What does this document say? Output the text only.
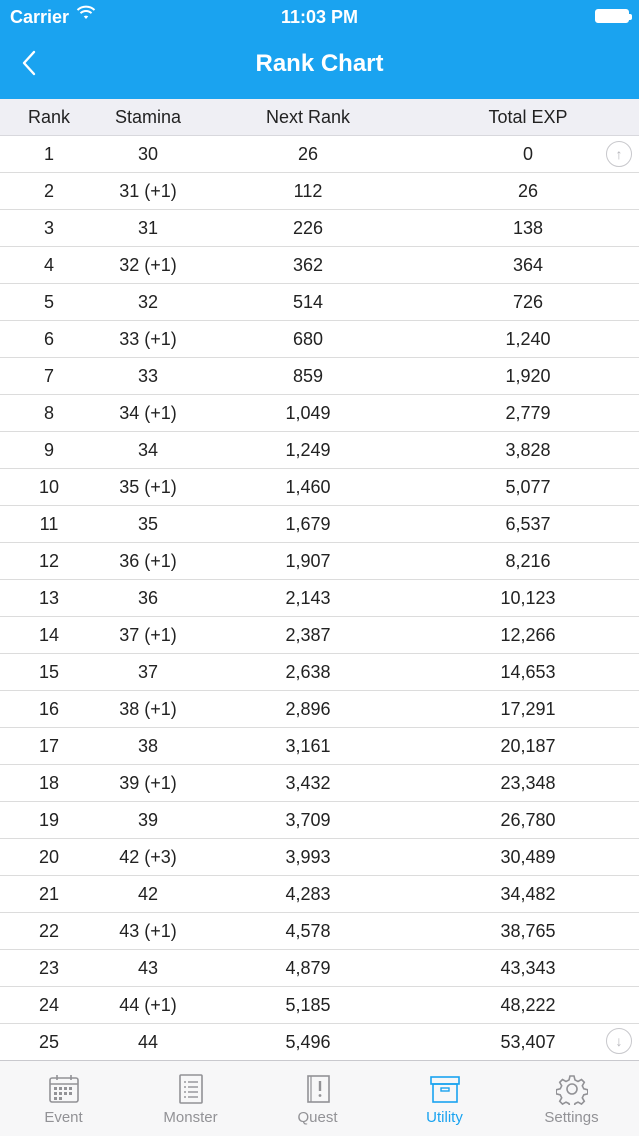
Carrier	11:03 PM
Rank Chart
Rank	Stamina	Next Rank	Total EXP
1	30	26	0
2	31 (+1)	112	26
3	31	226	138
4	32 (+1)	362	364
5	32	514	726
6	33 (+1)	680	1,240
7	33	859	1,920
8	34 (+1)	1,049	2,779
9	34	1,249	3,828
10	35 (+1)	1,460	5,077
11	35	1,679	6,537
12	36 (+1)	1,907	8,216
13	36	2,143	10,123
14	37 (+1)	2,387	12,266
15	37	2,638	14,653
16	38 (+1)	2,896	17,291
17	38	3,161	20,187
18	39 (+1)	3,432	23,348
19	39	3,709	26,780
20	42 (+3)	3,993	30,489
21	42	4,283	34,482
22	43 (+1)	4,578	38,765
23	43	4,879	43,343
24	44 (+1)	5,185	48,222
25	44	5,496	53,407
↑
↓
Event	Monster	Quest	Utility	Settings
